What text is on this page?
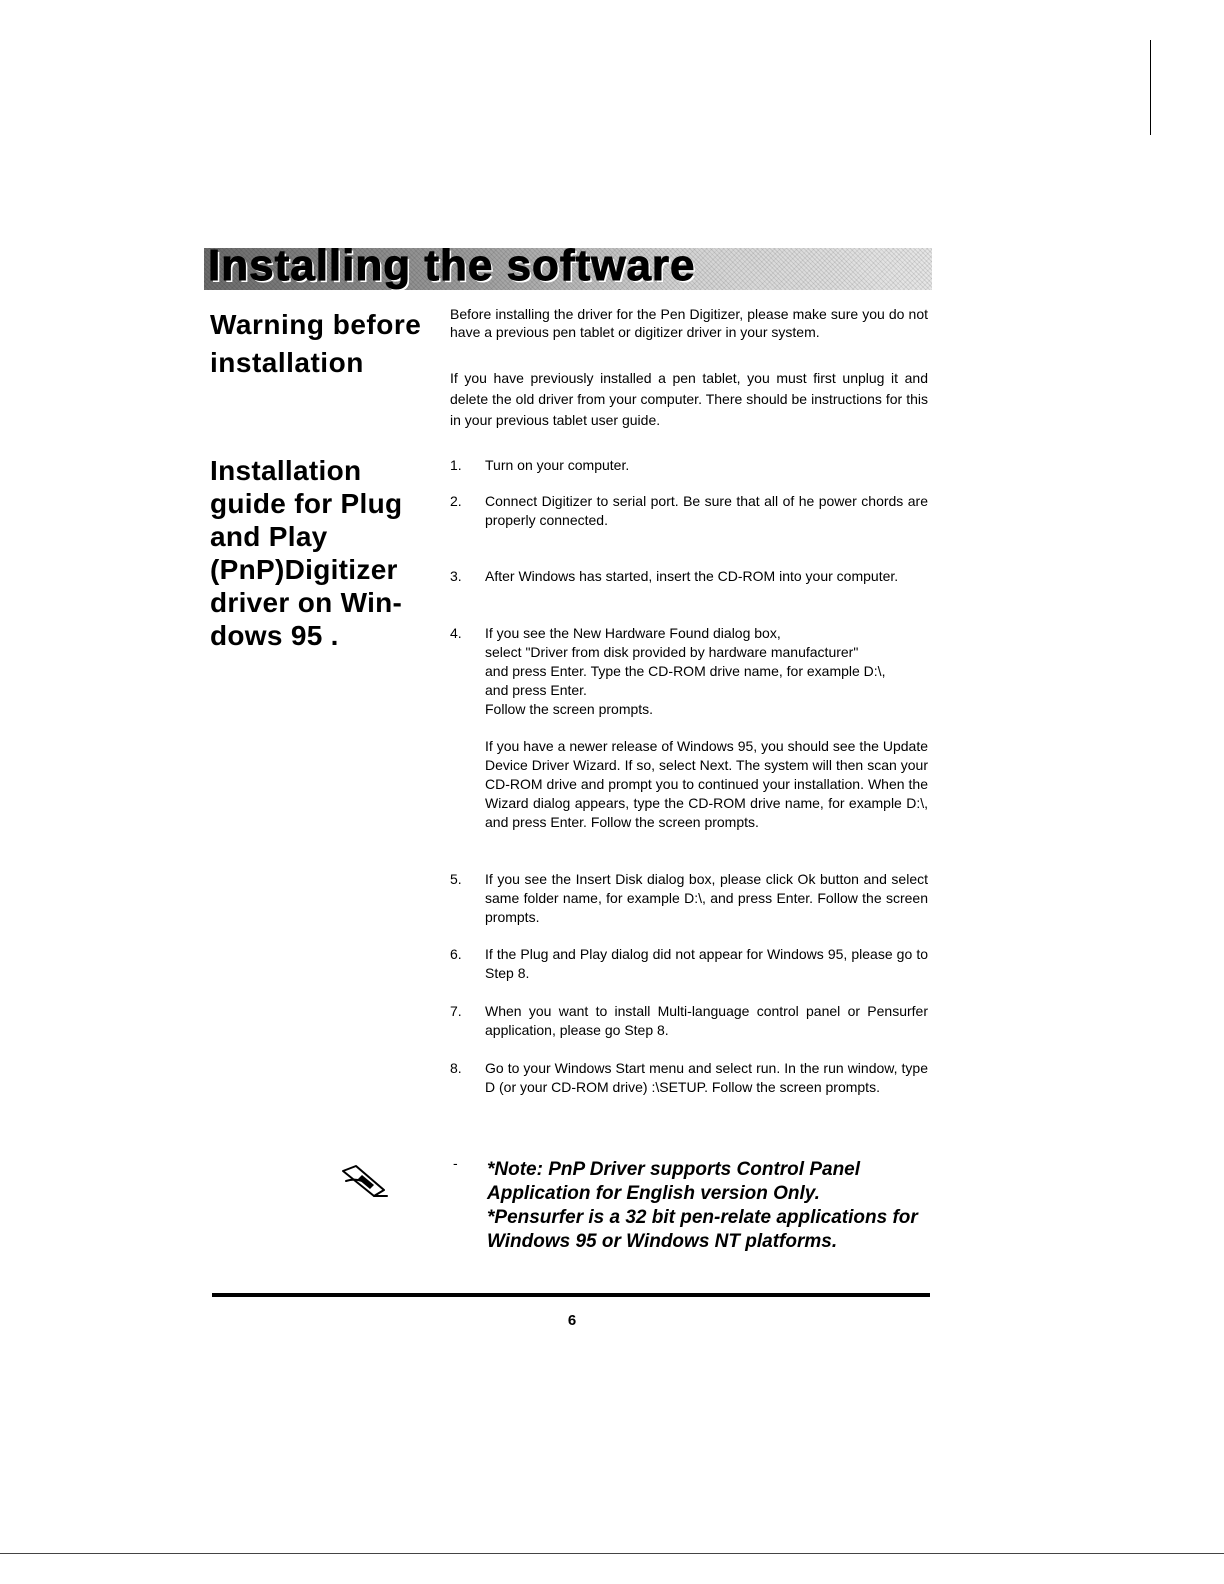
Installing the software
Warning before
installation

Before installing the driver for the Pen Digitizer, please make sure you do not have a previous pen tablet or digitizer driver in your system.

If you have previously installed a pen tablet, you must first unplug it and delete the old driver from your computer. There should be instructions for this in your previous tablet user guide.

Installation
guide for Plug
and Play
(PnP)Digitizer
driver on Win-
dows 95 .
1.	Turn on your computer.
2.	Connect Digitizer to serial port. Be sure that all of he power chords are properly connected.
3.	After Windows has started, insert the CD-ROM into your computer.
4.	If you see the New Hardware Found dialog box,
select "Driver from disk provided by hardware manufacturer"
and press Enter. Type the CD-ROM drive name, for example D:\,
and press Enter.
Follow the screen prompts.

If you have a newer release of Windows 95, you should see the Update Device Driver Wizard. If so, select Next. The system will then scan your CD-ROM drive and prompt you to continued your installation. When the Wizard dialog appears, type the CD-ROM drive name, for example D:\, and press Enter. Follow the screen prompts.

5.	If you see the Insert Disk dialog box, please click Ok button and select same folder name, for example D:\, and press Enter. Follow the screen prompts.
6.	If the Plug and Play dialog did not appear for Windows 95, please go to Step 8.
7.	When you want to install Multi-language control panel or Pensurfer application, please go Step 8.
8.	Go to your Windows Start menu and select run. In the run window, type D (or your CD-ROM drive) :\SETUP. Follow the screen prompts.
- *Note: PnP Driver supports Control Panel
Application for English version Only.
*Pensurfer is a 32 bit pen-relate applications for
Windows 95 or Windows NT platforms.
6
